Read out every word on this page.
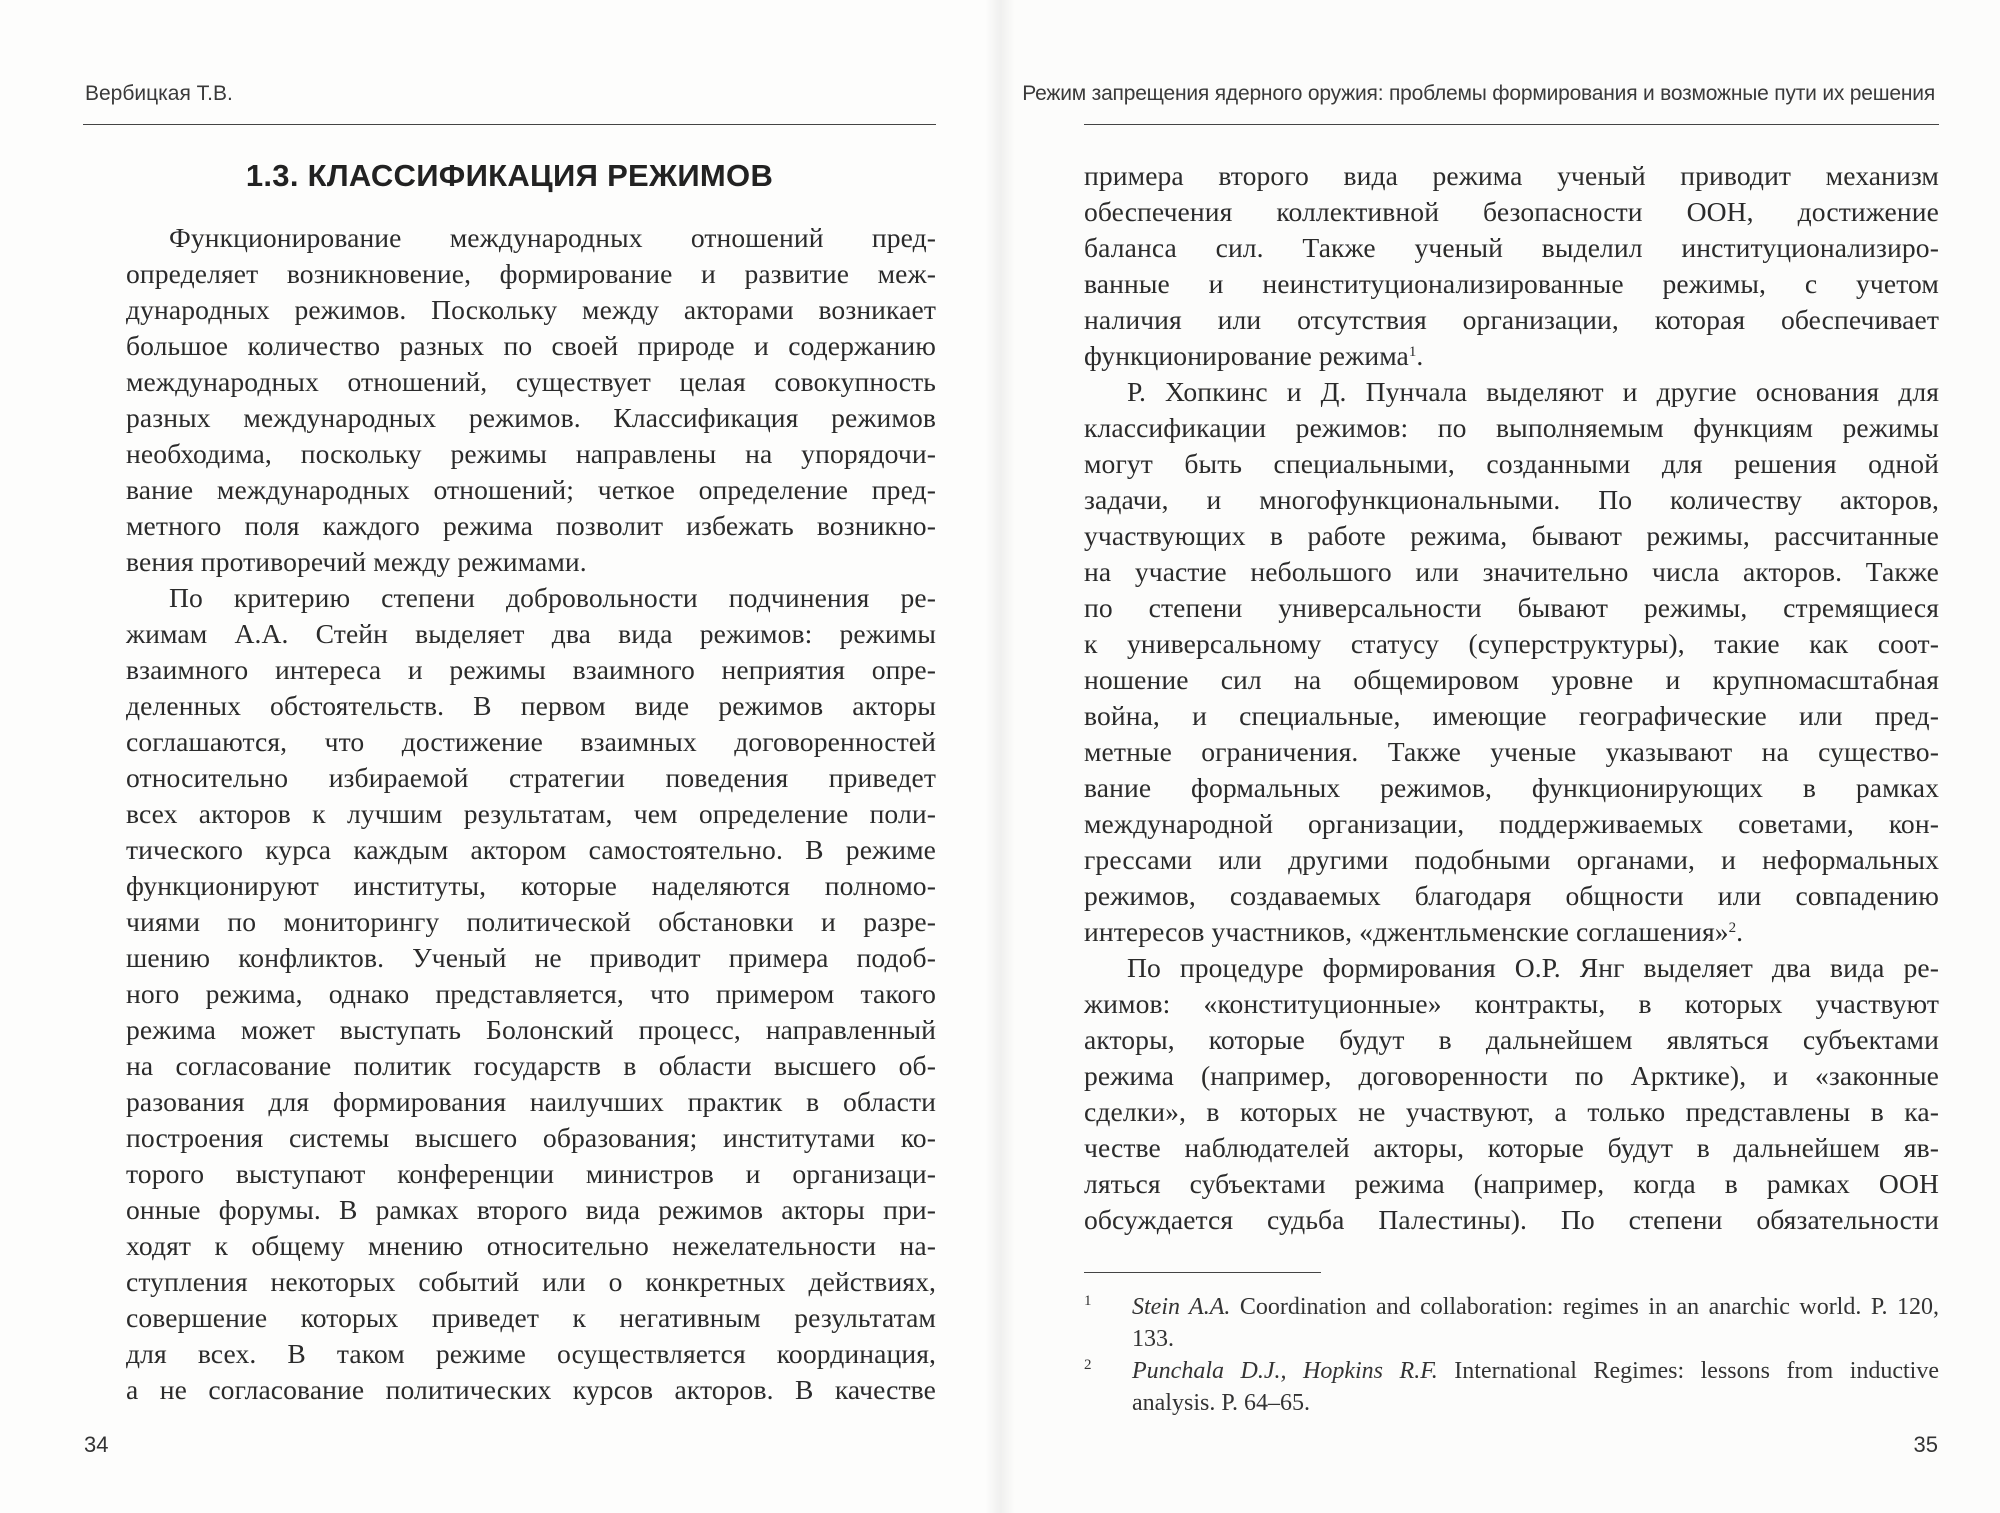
Вербицкая Т.В.
1.3. КЛАССИФИКАЦИЯ РЕЖИМОВ
Функционирование международных отношений пред-
определяет возникновение, формирование и развитие меж-
дународных режимов. Поскольку между акторами возникает
большое количество разных по своей природе и содержанию
международных отношений, существует целая совокупность
разных международных режимов. Классификация режимов
необходима, поскольку режимы направлены на упорядочи-
вание международных отношений; четкое определение пред-
метного поля каждого режима позволит избежать возникно-
вения противоречий между режимами.
По критерию степени добровольности подчинения ре-
жимам А.А. Стейн выделяет два вида режимов: режимы
взаимного интереса и режимы взаимного неприятия опре-
деленных обстоятельств. В первом виде режимов акторы
соглашаются, что достижение взаимных договоренностей
относительно избираемой стратегии поведения приведет
всех акторов к лучшим результатам, чем определение поли-
тического курса каждым актором самостоятельно. В режиме
функционируют институты, которые наделяются полномо-
чиями по мониторингу политической обстановки и разре-
шению конфликтов. Ученый не приводит примера подоб-
ного режима, однако представляется, что примером такого
режима может выступать Болонский процесс, направленный
на согласование политик государств в области высшего об-
разования для формирования наилучших практик в области
построения системы высшего образования; институтами ко-
торого выступают конференции министров и организаци-
онные форумы. В рамках второго вида режимов акторы при-
ходят к общему мнению относительно нежелательности на-
ступления некоторых событий или о конкретных действиях,
совершение которых приведет к негативным результатам
для всех. В таком режиме осуществляется координация,
а не согласование политических курсов акторов. В качестве
34
Режим запрещения ядерного оружия: проблемы формирования и возможные пути их решения
примера второго вида режима ученый приводит механизм
обеспечения коллективной безопасности ООН, достижение
баланса сил. Также ученый выделил институционализиро-
ванные и неинституционализированные режимы, с учетом
наличия или отсутствия организации, которая обеспечивает
функционирование режима$^1$.
Р. Хопкинс и Д. Пунчала выделяют и другие основания для
классификации режимов: по выполняемым функциям режимы
могут быть специальными, созданными для решения одной
задачи, и многофункциональными. По количеству акторов,
участвующих в работе режима, бывают режимы, рассчитанные
на участие небольшого или значительно числа акторов. Также
по степени универсальности бывают режимы, стремящиеся
к универсальному статусу (суперструктуры), такие как соот-
ношение сил на общемировом уровне и крупномасштабная
война, и специальные, имеющие географические или пред-
метные ограничения. Также ученые указывают на существо-
вание формальных режимов, функционирующих в рамках
международной организации, поддерживаемых советами, кон-
грессами или другими подобными органами, и неформальных
режимов, создаваемых благодаря общности или совпадению
интересов участников, «джентльменские соглашения»$^2$.
По процедуре формирования О.Р. Янг выделяет два вида ре-
жимов: «конституционные» контракты, в которых участвуют
акторы, которые будут в дальнейшем являться субъектами
режима (например, договоренности по Арктике), и «законные
сделки», в которых не участвуют, а только представлены в ка-
честве наблюдателей акторы, которые будут в дальнейшем яв-
ляться субъектами режима (например, когда в рамках ООН
обсуждается судьба Палестины). По степени обязательности
1 Stein A.A. Coordination and collaboration: regimes in an anarchic world. P. 120, 133.
2 Punchala D.J., Hopkins R.F. International Regimes: lessons from inductive analysis. P. 64–65.
35
